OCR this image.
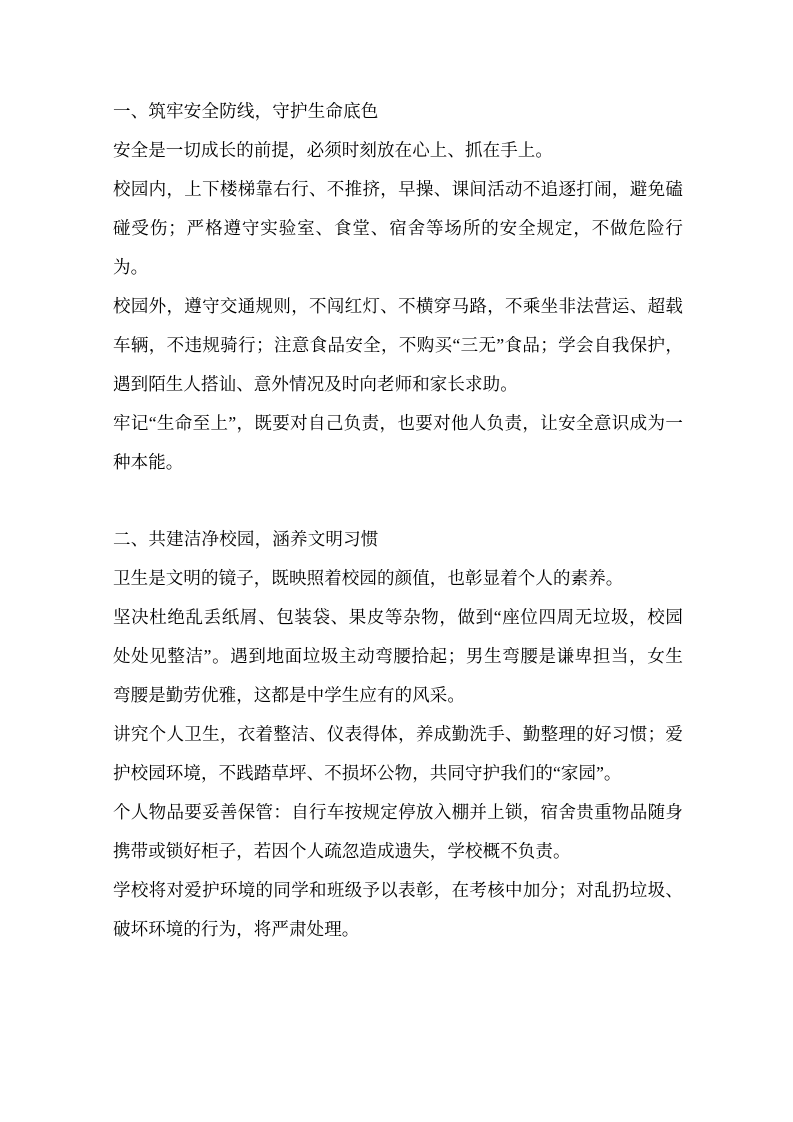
一、筑牢安全防线，守护生命底色
安全是一切成长的前提，必须时刻放在心上、抓在手上。
校园内，上下楼梯靠右行、不推挤，早操、课间活动不追逐打闹，避免磕碰受伤；严格遵守实验室、食堂、宿舍等场所的安全规定，不做危险行为。
校园外，遵守交通规则，不闯红灯、不横穿马路，不乘坐非法营运、超载车辆，不违规骑行；注意食品安全，不购买“三无”食品；学会自我保护，遇到陌生人搭讪、意外情况及时向老师和家长求助。
牢记“生命至上”，既要对自己负责，也要对他人负责，让安全意识成为一种本能。
二、共建洁净校园，涵养文明习惯
卫生是文明的镜子，既映照着校园的颜值，也彰显着个人的素养。
坚决杜绝乱丢纸屑、包装袋、果皮等杂物，做到“座位四周无垃圾，校园处处见整洁”。遇到地面垃圾主动弯腰拾起；男生弯腰是谦卑担当，女生弯腰是勤劳优雅，这都是中学生应有的风采。
讲究个人卫生，衣着整洁、仪表得体，养成勤洗手、勤整理的好习惯；爱护校园环境，不践踏草坪、不损坏公物，共同守护我们的“家园”。
个人物品要妥善保管：自行车按规定停放入棚并上锁，宿舍贵重物品随身携带或锁好柜子，若因个人疏忽造成遗失，学校概不负责。
学校将对爱护环境的同学和班级予以表彰，在考核中加分；对乱扔垃圾、破坏环境的行为，将严肃处理。
